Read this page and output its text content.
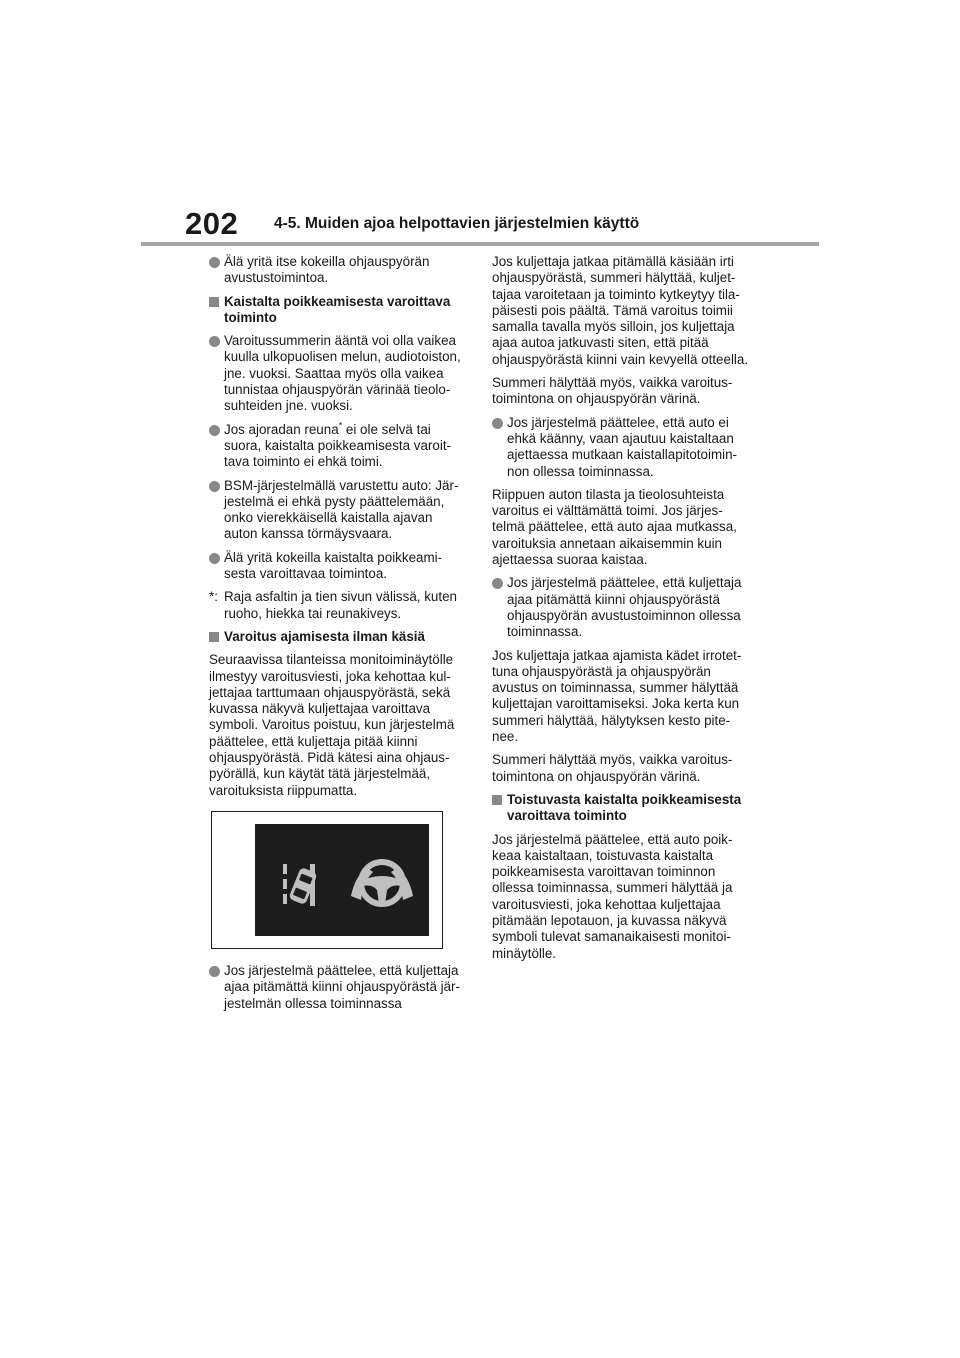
202 4-5. Muiden ajoa helpottavien järjestelmien käyttö

Älä yritä itse kokeilla ohjauspyörän avustustoimintoa.

Kaistalta poikkeamisesta varoittava toiminto

Varoitussummerin ääntä voi olla vaikea kuulla ulkopuolisen melun, audiotoiston, jne. vuoksi. Saattaa myös olla vaikea tunnistaa ohjauspyörän värinää tieolo-suhteiden jne. vuoksi.

Jos ajoradan reuna* ei ole selvä tai suora, kaistalta poikkeamisesta varoit-tava toiminto ei ehkä toimi.

BSM-järjestelmällä varustettu auto: Jär-jestelmä ei ehkä pysty päättelemään, onko vierekkäisellä kaistalla ajavan auton kanssa törmäysvaara.

Älä yritä kokeilla kaistalta poikkeami-sesta varoittavaa toimintoa.

*: Raja asfaltin ja tien sivun välissä, kuten ruoho, hiekka tai reunakiveys.

Varoitus ajamisesta ilman käsiä

Seuraavissa tilanteissa monitoiminäytölle ilmestyy varoitusviesti, joka kehottaa kul-jettajaa tarttumaan ohjauspyörästä, sekä kuvassa näkyvä kuljettajaa varoittava symboli. Varoitus poistuu, kun järjestelmä päättelee, että kuljettaja pitää kiinni ohjauspyörästä. Pidä kätesi aina ohjaus-pyörällä, kun käytät tätä järjestelmää, varoituksista riippumatta.

Jos järjestelmä päättelee, että kuljettaja ajaa pitämättä kiinni ohjauspyörästä jär-jestelmän ollessa toiminnassa

Jos kuljettaja jatkaa pitämällä käsiään irti ohjauspyörästä, summeri hälyttää, kuljet-tajaa varoitetaan ja toiminto kytkeytyy tila-päisesti pois päältä. Tämä varoitus toimii samalla tavalla myös silloin, jos kuljettaja ajaa autoa jatkuvasti siten, että pitää ohjauspyörästä kiinni vain kevyellä otteella.

Summeri hälyttää myös, vaikka varoitus-toimintona on ohjauspyörän värinä.

Jos järjestelmä päättelee, että auto ei ehkä käänny, vaan ajautuu kaistaltaan ajettaessa mutkaan kaistallapitotoimin-non ollessa toiminnassa.

Riippuen auton tilasta ja tieolosuhteista varoitus ei välttämättä toimi. Jos järjes-telmä päättelee, että auto ajaa mutkassa, varoituksia annetaan aikaisemmin kuin ajettaessa suoraa kaistaa.

Jos järjestelmä päättelee, että kuljettaja ajaa pitämättä kiinni ohjauspyörästä ohjauspyörän avustustoiminnon ollessa toiminnassa.

Jos kuljettaja jatkaa ajamista kädet irrotet-tuna ohjauspyörästä ja ohjauspyörän avustus on toiminnassa, summer hälyttää kuljettajan varoittamiseksi. Joka kerta kun summeri hälyttää, hälytyksen kesto pite-nee.

Summeri hälyttää myös, vaikka varoitus-toimintona on ohjauspyörän värinä.

Toistuvasta kaistalta poikkeamisesta varoittava toiminto

Jos järjestelmä päättelee, että auto poik-keaa kaistaltaan, toistuvasta kaistalta poikkeamisesta varoittavan toiminnon ollessa toiminnassa, summeri hälyttää ja varoitusviesti, joka kehottaa kuljettajaa pitämään lepotauon, ja kuvassa näkyvä symboli tulevat samanaikaisesti monitoi-minäytölle.
